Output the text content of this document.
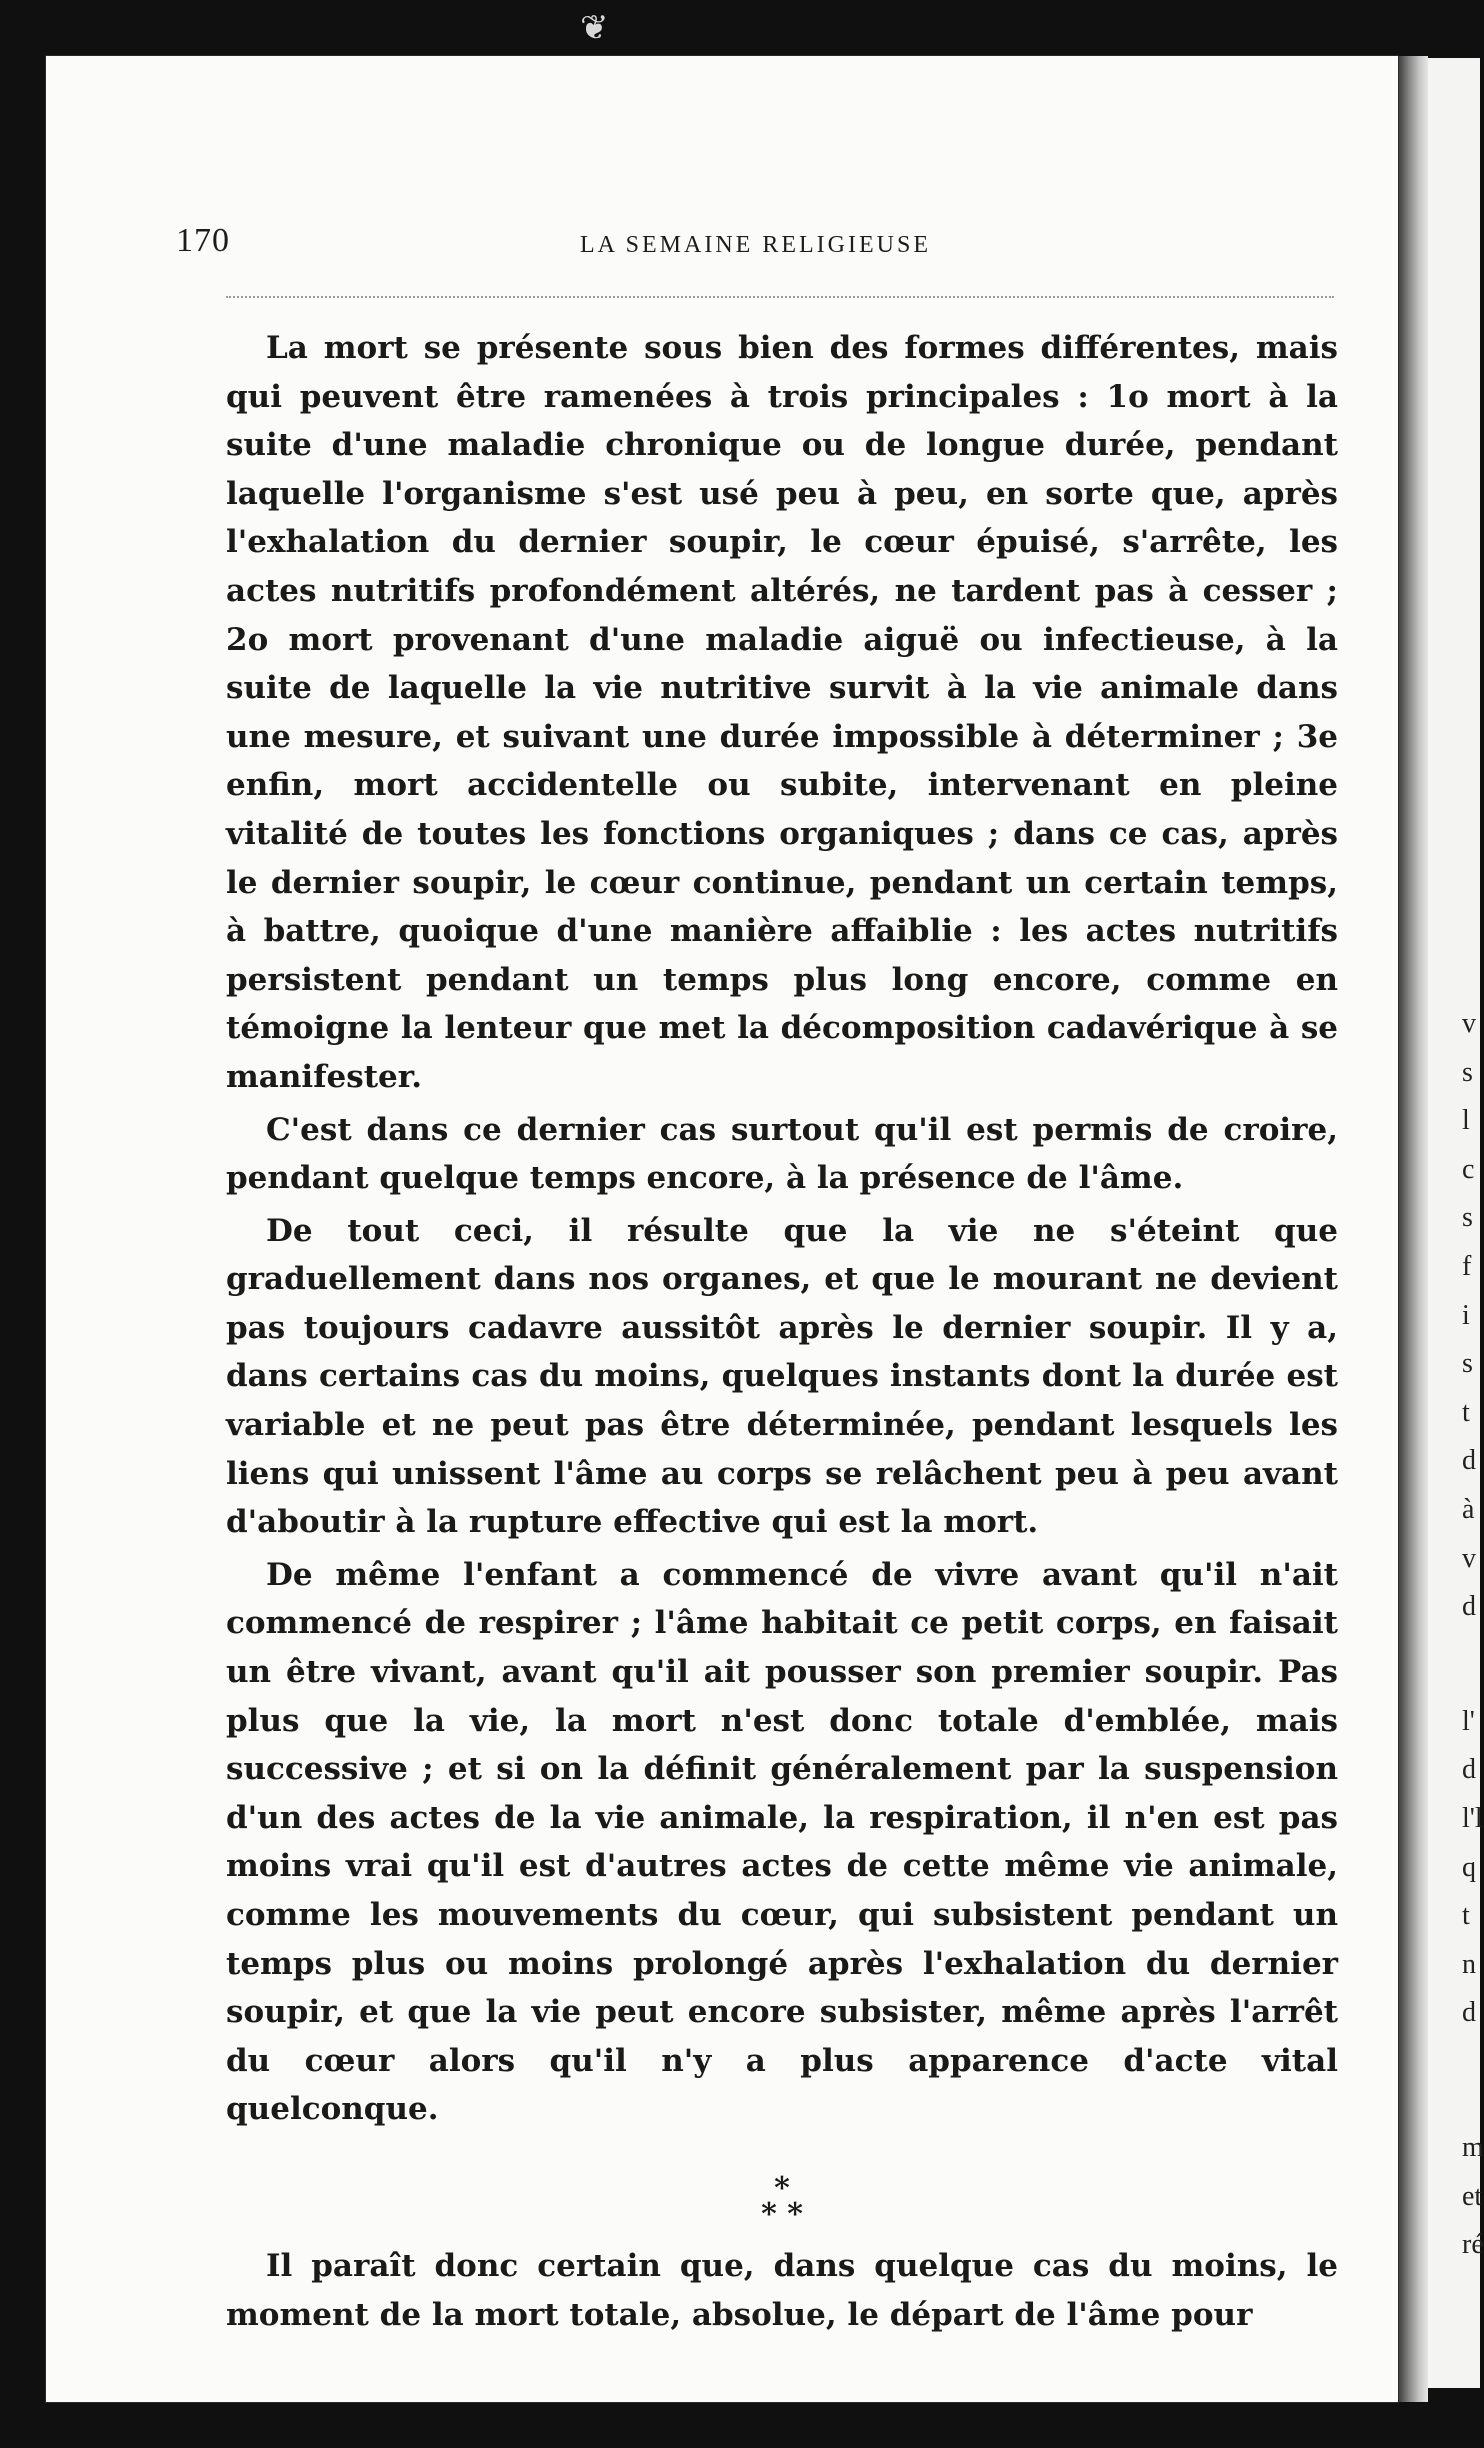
❦
v
s
l
c
s
f
i
s
t
d
à
v
d
l'
d
l'l
q
t
n
d
m
et
ré
170	LA SEMAINE RELIGIEUSE

La mort se présente sous bien des formes différentes, mais qui peuvent être ramenées à trois principales : 1o mort à la suite d'une maladie chronique ou de longue durée, pendant laquelle l'organisme s'est usé peu à peu, en sorte que, après l'exhalation du dernier soupir, le cœur épuisé, s'arrête, les actes nutritifs profondément altérés, ne tardent pas à cesser ; 2o mort provenant d'une maladie aiguë ou infectieuse, à la suite de laquelle la vie nutritive survit à la vie animale dans une mesure, et suivant une durée impossible à déterminer ; 3e enfin, mort accidentelle ou subite, intervenant en pleine vitalité de toutes les fonctions organiques ; dans ce cas, après le dernier soupir, le cœur continue, pendant un certain temps, à battre, quoique d'une manière affaiblie : les actes nutritifs persistent pendant un temps plus long encore, comme en témoigne la lenteur que met la décomposition cadavérique à se manifester.

C'est dans ce dernier cas surtout qu'il est permis de croire, pendant quelque temps encore, à la présence de l'âme.

De tout ceci, il résulte que la vie ne s'éteint que graduellement dans nos organes, et que le mourant ne devient pas toujours cadavre aussitôt après le dernier soupir. Il y a, dans certains cas du moins, quelques instants dont la durée est variable et ne peut pas être déterminée, pendant lesquels les liens qui unissent l'âme au corps se relâchent peu à peu avant d'aboutir à la rupture effective qui est la mort.

De même l'enfant a commencé de vivre avant qu'il n'ait commencé de respirer ; l'âme habitait ce petit corps, en faisait un être vivant, avant qu'il ait pousser son premier soupir. Pas plus que la vie, la mort n'est donc totale d'emblée, mais successive ; et si on la définit généralement par la suspension d'un des actes de la vie animale, la respiration, il n'en est pas moins vrai qu'il est d'autres actes de cette même vie animale, comme les mouvements du cœur, qui subsistent pendant un temps plus ou moins prolongé après l'exhalation du dernier soupir, et que la vie peut encore subsister, même après l'arrêt du cœur alors qu'il n'y a plus apparence d'acte vital quelconque.

*
* *

Il paraît donc certain que, dans quelque cas du moins, le moment de la mort totale, absolue, le départ de l'âme pour
